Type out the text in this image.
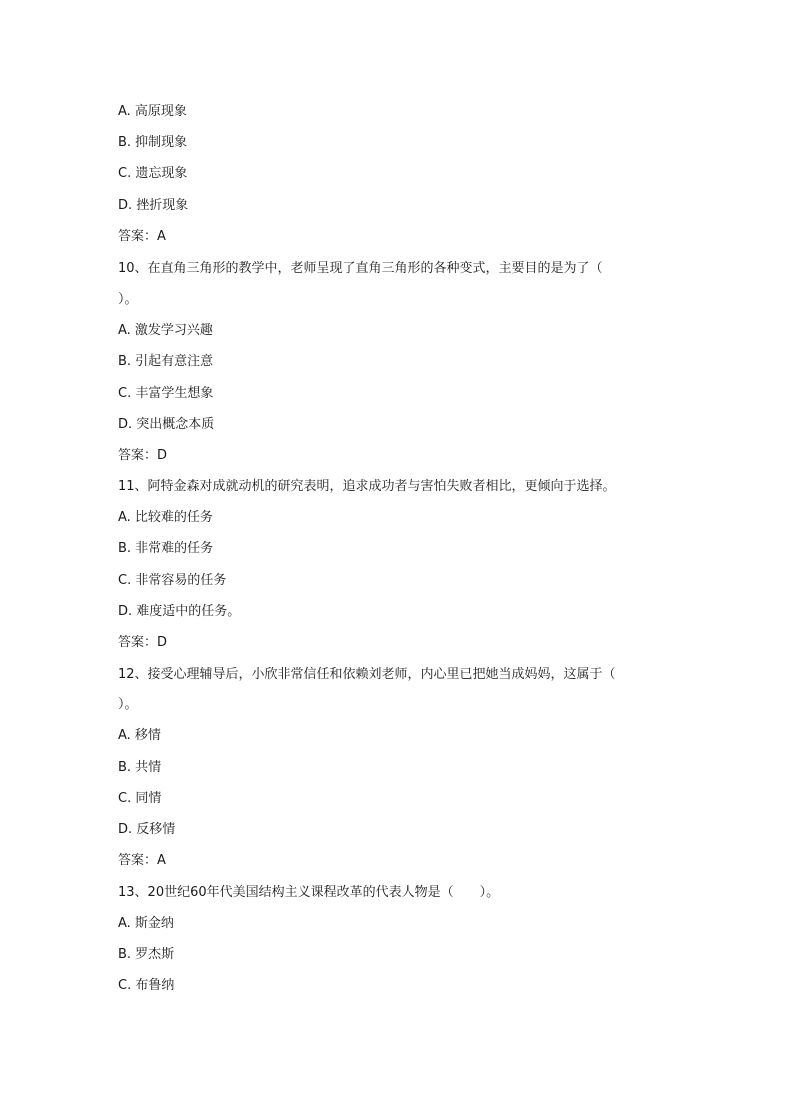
A. 高原现象
B. 抑制现象
C. 遗忘现象
D. 挫折现象
答案：A
10、在直角三角形的教学中，老师呈现了直角三角形的各种变式，主要目的是为了（
）。
A. 激发学习兴趣
B. 引起有意注意
C. 丰富学生想象
D. 突出概念本质
答案：D
11、阿特金森对成就动机的研究表明，追求成功者与害怕失败者相比，更倾向于选择。
A. 比较难的任务
B. 非常难的任务
C. 非常容易的任务
D. 难度适中的任务。
答案：D
12、接受心理辅导后，小欣非常信任和依赖刘老师，内心里已把她当成妈妈，这属于（
）。
A. 移情
B. 共情
C. 同情
D. 反移情
答案：A
13、20世纪60年代美国结构主义课程改革的代表人物是（　　）。
A. 斯金纳
B. 罗杰斯
C. 布鲁纳
